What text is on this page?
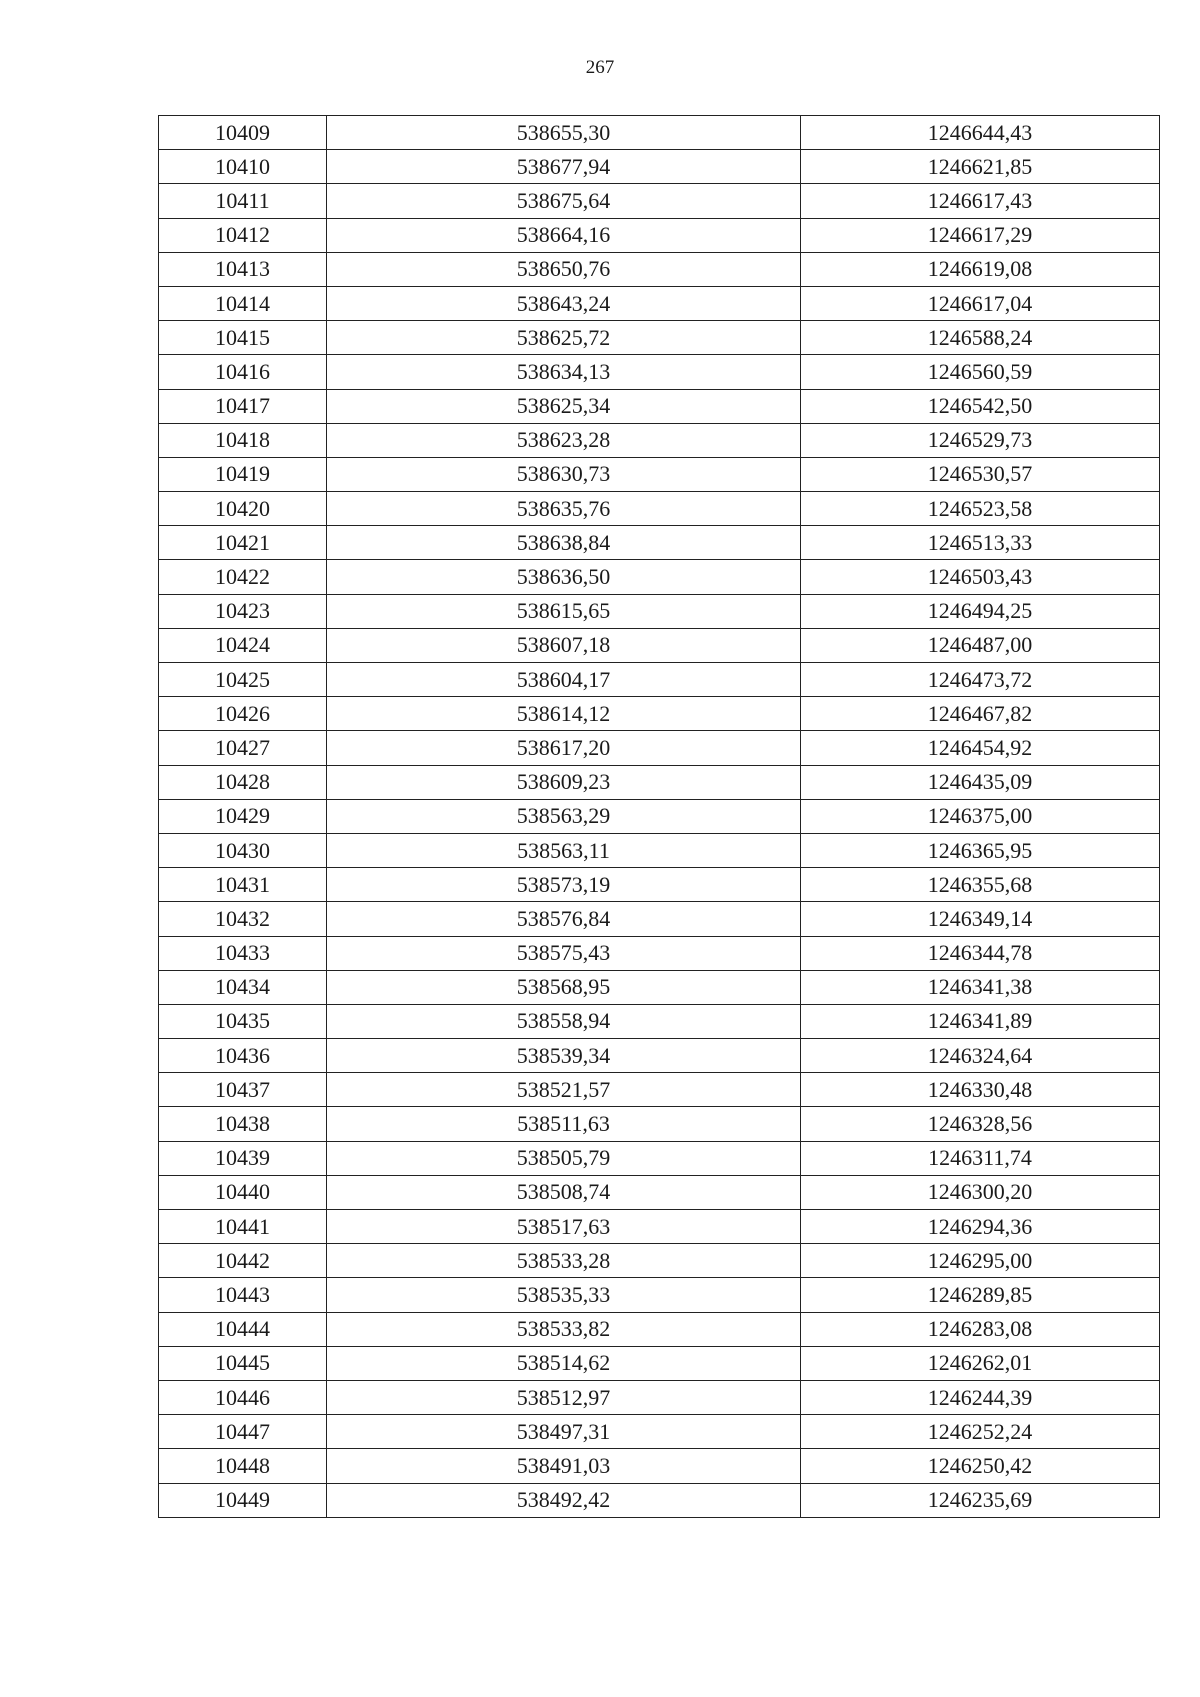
267
10409	538655,30	1246644,43
10410	538677,94	1246621,85
10411	538675,64	1246617,43
10412	538664,16	1246617,29
10413	538650,76	1246619,08
10414	538643,24	1246617,04
10415	538625,72	1246588,24
10416	538634,13	1246560,59
10417	538625,34	1246542,50
10418	538623,28	1246529,73
10419	538630,73	1246530,57
10420	538635,76	1246523,58
10421	538638,84	1246513,33
10422	538636,50	1246503,43
10423	538615,65	1246494,25
10424	538607,18	1246487,00
10425	538604,17	1246473,72
10426	538614,12	1246467,82
10427	538617,20	1246454,92
10428	538609,23	1246435,09
10429	538563,29	1246375,00
10430	538563,11	1246365,95
10431	538573,19	1246355,68
10432	538576,84	1246349,14
10433	538575,43	1246344,78
10434	538568,95	1246341,38
10435	538558,94	1246341,89
10436	538539,34	1246324,64
10437	538521,57	1246330,48
10438	538511,63	1246328,56
10439	538505,79	1246311,74
10440	538508,74	1246300,20
10441	538517,63	1246294,36
10442	538533,28	1246295,00
10443	538535,33	1246289,85
10444	538533,82	1246283,08
10445	538514,62	1246262,01
10446	538512,97	1246244,39
10447	538497,31	1246252,24
10448	538491,03	1246250,42
10449	538492,42	1246235,69
